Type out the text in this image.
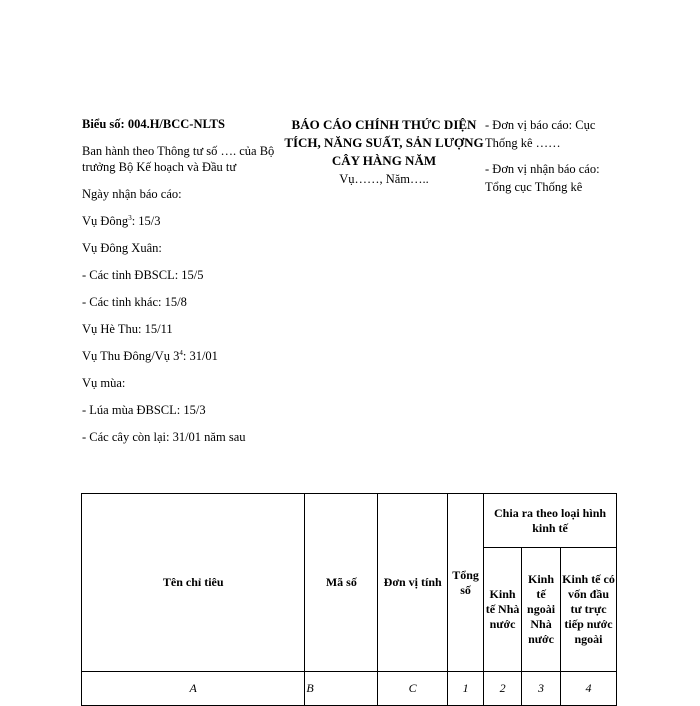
Biểu số: 004.H/BCC-NLTS
Ban hành theo Thông tư số …. của Bộ trưởng Bộ Kế hoạch và Đầu tư
Ngày nhận báo cáo:
Vụ Đông$^3$: 15/3
Vụ Đông Xuân:
- Các tỉnh ĐBSCL: 15/5
- Các tỉnh khác: 15/8
Vụ Hè Thu: 15/11
Vụ Thu Đông/Vụ $3^4$: 31/01
Vụ mùa:
- Lúa mùa ĐBSCL: 15/3
- Các cây còn lại: 31/01 năm sau
BÁO CÁO CHÍNH THỨC DIỆN TÍCH, NĂNG SUẤT, SẢN LƯỢNG CÂY HÀNG NĂM
Vụ……, Năm…..
- Đơn vị báo cáo: Cục Thống kê ……
- Đơn vị nhận báo cáo: Tổng cục Thống kê
Tên chỉ tiêu	Mã số	Đơn vị tính	Tổng số	Chia ra theo loại hình kinh tế		
				Kinh tế Nhà nước	Kinh tế ngoài Nhà nước	Kinh tế có vốn đầu tư trực tiếp nước ngoài
A	B	C	1	2	3	4
